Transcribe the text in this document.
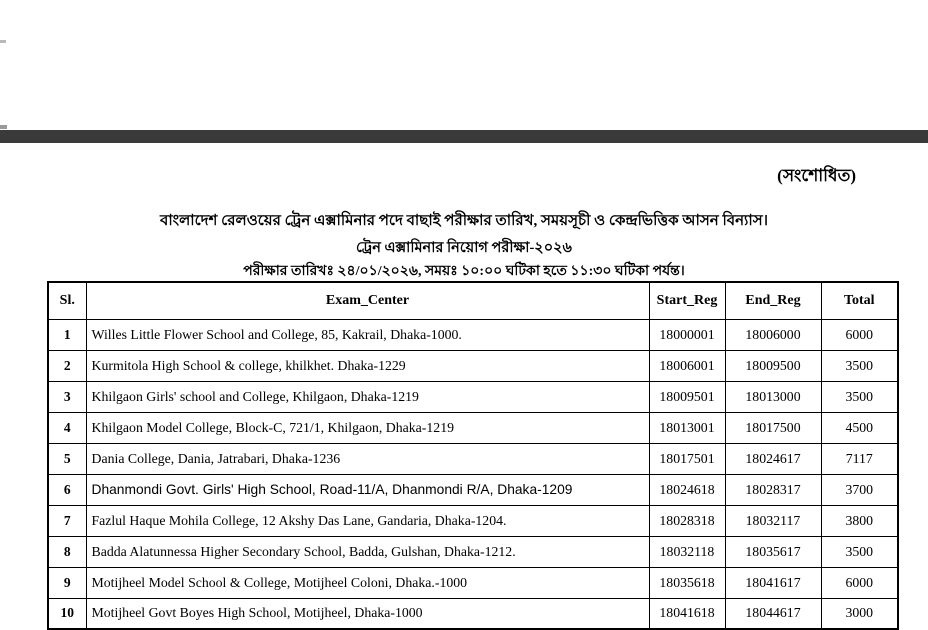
(সংশোধিত)
বাংলাদেশ রেলওয়ের ট্রেন এক্সামিনার পদে বাছাই পরীক্ষার তারিখ, সময়সূচী ও কেন্দ্রভিত্তিক আসন বিন্যাস।
ট্রেন এক্সামিনার নিয়োগ পরীক্ষা-২০২৬
পরীক্ষার তারিখঃ ২৪/০১/২০২৬, সময়ঃ ১০:০০ ঘটিকা হতে ১১:৩০ ঘটিকা পর্যন্ত।
Sl.	Exam_Center	Start_Reg	End_Reg	Total
1	Willes Little Flower School and College, 85, Kakrail, Dhaka-1000.	18000001	18006000	6000
2	Kurmitola High School & college, khilkhet. Dhaka-1229	18006001	18009500	3500
3	Khilgaon Girls' school and College, Khilgaon, Dhaka-1219	18009501	18013000	3500
4	Khilgaon Model College, Block-C, 721/1, Khilgaon, Dhaka-1219	18013001	18017500	4500
5	Dania College, Dania, Jatrabari, Dhaka-1236	18017501	18024617	7117
6	Dhanmondi Govt. Girls' High School, Road-11/A, Dhanmondi R/A, Dhaka-1209	18024618	18028317	3700
7	Fazlul Haque Mohila College, 12 Akshy Das Lane, Gandaria, Dhaka-1204.	18028318	18032117	3800
8	Badda Alatunnessa Higher Secondary School, Badda, Gulshan, Dhaka-1212.	18032118	18035617	3500
9	Motijheel Model School & College, Motijheel Coloni, Dhaka.-1000	18035618	18041617	6000
10	Motijheel Govt Boyes High School, Motijheel, Dhaka-1000	18041618	18044617	3000
